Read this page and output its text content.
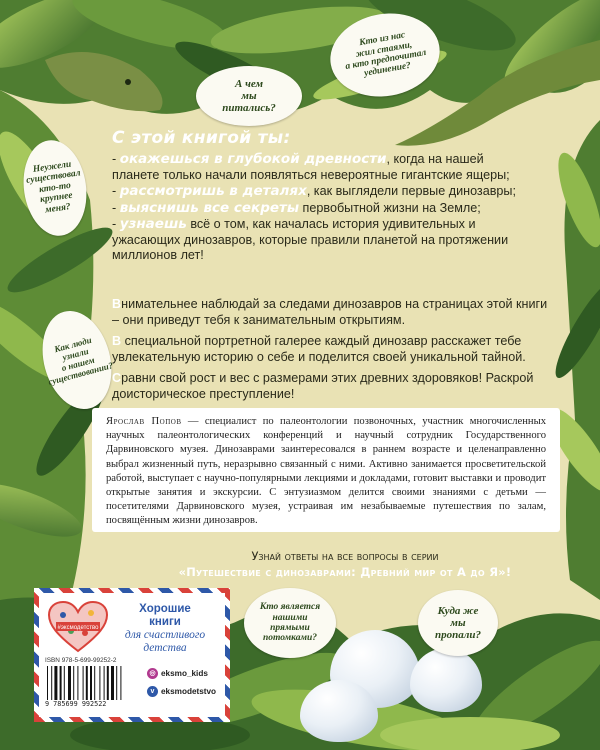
А чем
мы
питались?
Кто из нас
жил стаями,
а кто предпочитал
уединение?
Неужели
существовал
кто-то
крупнее
меня?
Как люди
узнали
о нашем
существовании?
Кто является
нашими
прямыми
потомками?
Куда же
мы
пропали?
С этой книгой ты:
- окажешься в глубокой древности, когда на нашей планете только начали появляться невероятные гигантские ящеры;
- рассмотришь в деталях, как выглядели первые динозавры;
- выяснишь все секреты первобытной жизни на Земле;
- узнаешь всё о том, как началась история удивительных и ужасающих динозавров, которые правили планетой на протяжении миллионов лет!
Внимательнее наблюдай за следами динозавров на страницах этой книги – они приведут тебя к занимательным открытиям.
В специальной портретной галерее каждый динозавр расскажет тебе увлекательную историю о себе и поделится своей уникальной тайной.
Сравни свой рост и вес с размерами этих древних здоровяков! Раскрой доисторическое преступление!
Ярослав Попов — специалист по палеонтологии позвоночных, участник многочисленных научных палеонтологических конференций и научный сотрудник Государственного Дарвиновского музея. Динозаврами заинтересовался в раннем возрасте и целенаправленно выбрал жизненный путь, неразрывно связанный с ними. Активно занимается просветительской работой, выступает с научно-популярными лекциями и докладами, готовит выставки и проводит открытые занятия и экскурсии. С энтузиазмом делится своими знаниями с детьми — посетителями Дарвиновского музея, устраивая им незабываемые путешествия по залам, посвящённым жизни динозавров.
Узнай ответы на все вопросы в серии
«Путешествие с динозаврами: Древний мир от А до Я»!
#эксмодетство
Хорошие
книги
для счастливого
детства
ISBN 978-5-699-99252-2
9 785699 992522
◎ eksmo_kids
v eksmodetstvo
